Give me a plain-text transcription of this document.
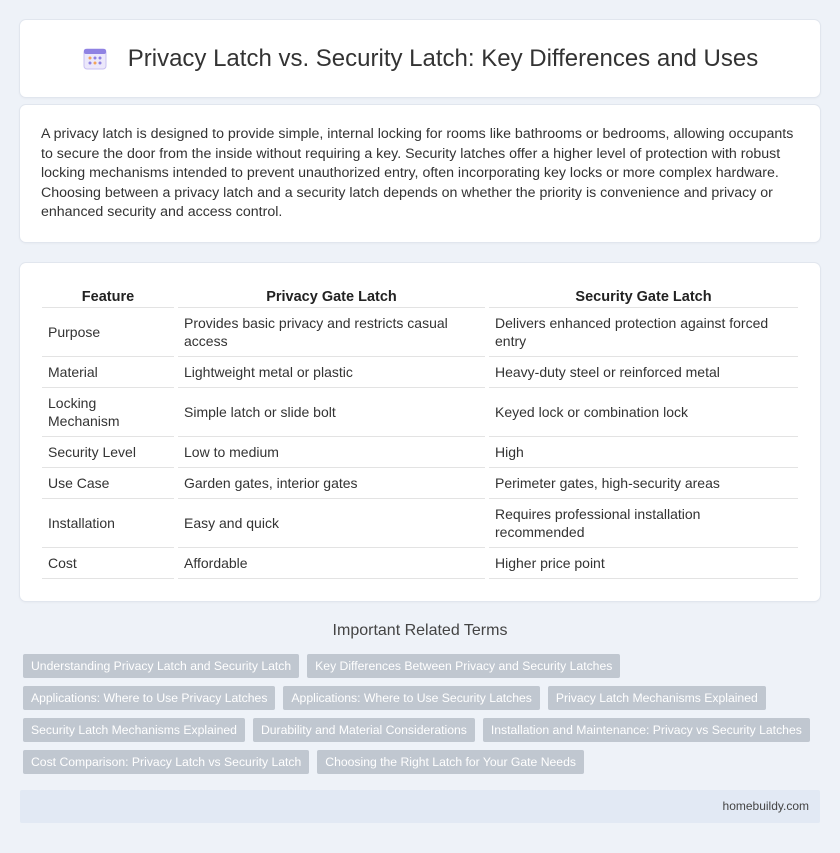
Privacy Latch vs. Security Latch: Key Differences and Uses

A privacy latch is designed to provide simple, internal locking for rooms like bathrooms or bedrooms, allowing occupants to secure the door from the inside without requiring a key. Security latches offer a higher level of protection with robust locking mechanisms intended to prevent unauthorized entry, often incorporating key locks or more complex hardware. Choosing between a privacy latch and a security latch depends on whether the priority is convenience and privacy or enhanced security and access control.

Feature	Privacy Gate Latch	Security Gate Latch
Purpose	Provides basic privacy and restricts casual access	Delivers enhanced protection against forced entry
Material	Lightweight metal or plastic	Heavy-duty steel or reinforced metal
Locking Mechanism	Simple latch or slide bolt	Keyed lock or combination lock
Security Level	Low to medium	High
Use Case	Garden gates, interior gates	Perimeter gates, high-security areas
Installation	Easy and quick	Requires professional installation recommended
Cost	Affordable	Higher price point
Important Related Terms
Understanding Privacy Latch and Security Latch	Key Differences Between Privacy and Security Latches
Applications: Where to Use Privacy Latches	Applications: Where to Use Security Latches	Privacy Latch Mechanisms Explained
Security Latch Mechanisms Explained	Durability and Material Considerations	Installation and Maintenance: Privacy vs Security Latches
Cost Comparison: Privacy Latch vs Security Latch	Choosing the Right Latch for Your Gate Needs
homebuildy.com
